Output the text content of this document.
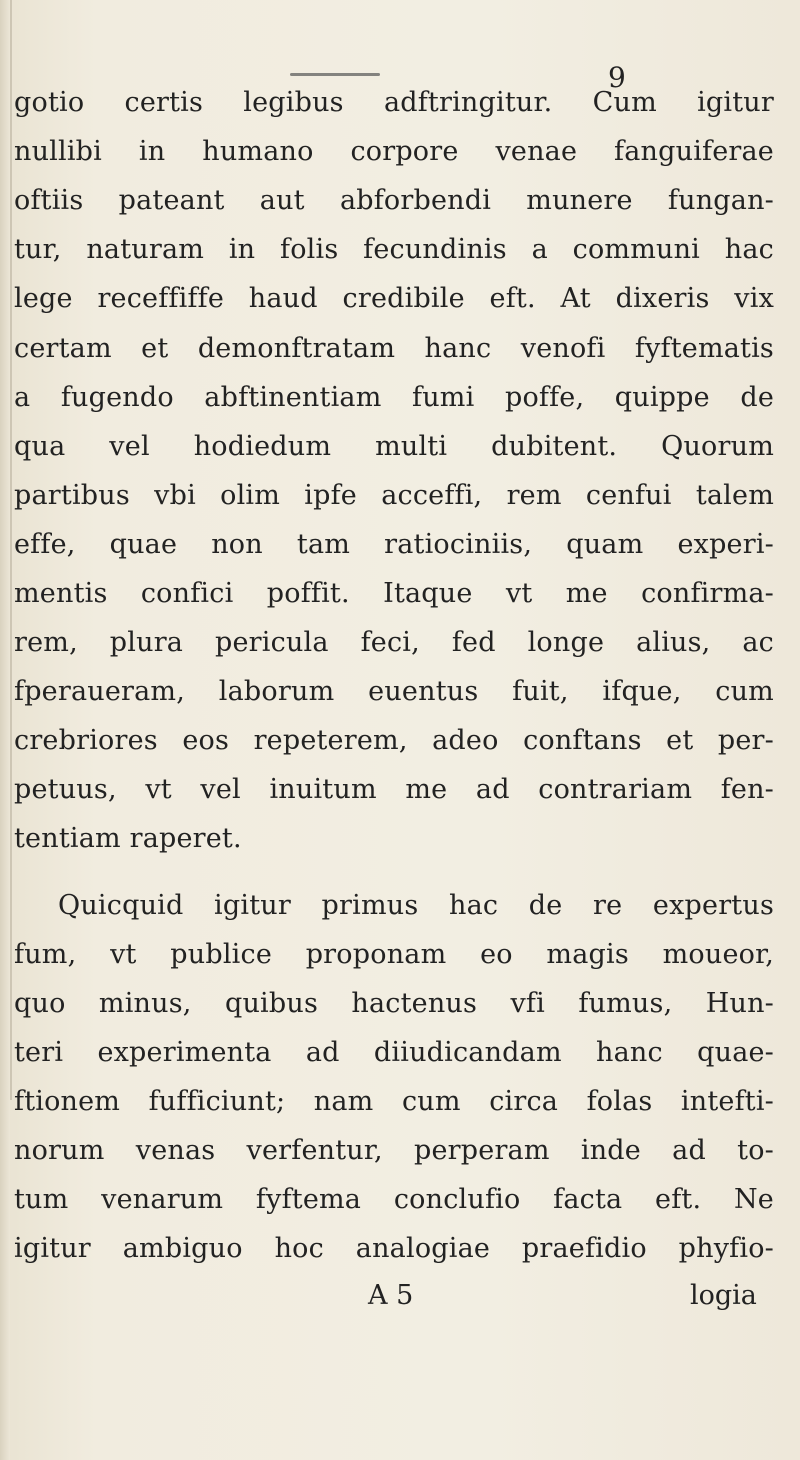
9
gotio certis legibus adftringitur. Cum igitur
nullibi in humano corpore venae fanguiferae
oftiis pateant aut abforbendi munere fungan-
tur, naturam in folis fecundinis a communi hac
lege receffiffe haud credibile eft. At dixeris vix
certam et demonftratam hanc venofi fyftematis
a fugendo abftinentiam fumi poffe, quippe de
qua vel hodiedum multi dubitent. Quorum
partibus vbi olim ipfe acceffi, rem cenfui talem
effe, quae non tam ratiociniis, quam experi-
mentis confici poffit. Itaque vt me confirma-
rem, plura pericula feci, fed longe alius, ac
fperaueram, laborum euentus fuit, ifque, cum
crebriores eos repeterem, adeo conftans et per-
petuus, vt vel inuitum me ad contrariam fen-
tentiam raperet.
Quicquid igitur primus hac de re expertus
fum, vt publice proponam eo magis moueor,
quo minus, quibus hactenus vfi fumus, Hun-
teri experimenta ad diiudicandam hanc quae-
ftionem fufficiunt; nam cum circa folas intefti-
norum venas verfentur, perperam inde ad to-
tum venarum fyftema conclufio facta eft. Ne
igitur ambiguo hoc analogiae praefidio phyfio-
A 5	logia
